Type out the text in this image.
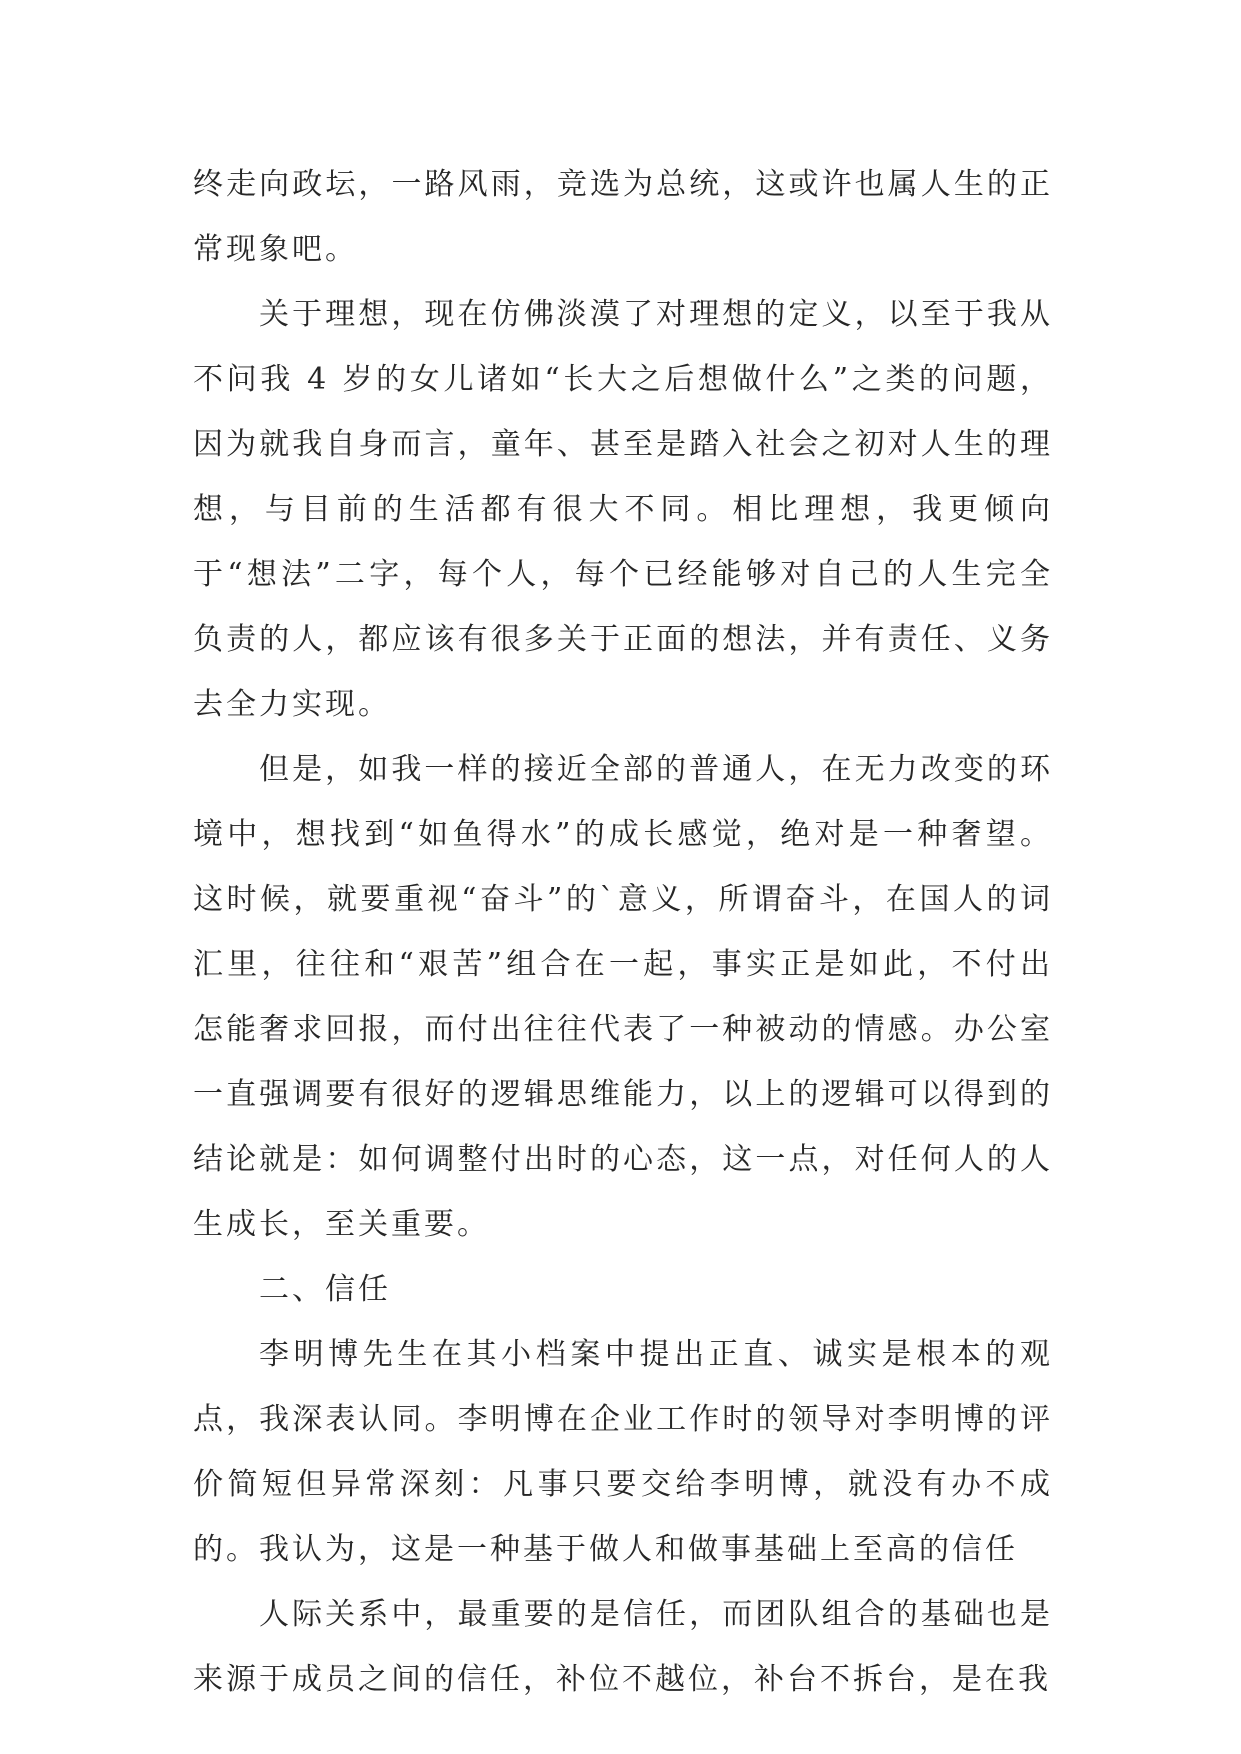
终走向政坛，一路风雨，竞选为总统，这或许也属人生的正常现象吧。

关于理想，现在仿佛淡漠了对理想的定义，以至于我从不问我 4 岁的女儿诸如“长大之后想做什么”之类的问题，因为就我自身而言，童年、甚至是踏入社会之初对人生的理想，与目前的生活都有很大不同。相比理想，我更倾向于“想法”二字，每个人，每个已经能够对自己的人生完全负责的人，都应该有很多关于正面的想法，并有责任、义务去全力实现。

但是，如我一样的接近全部的普通人，在无力改变的环境中，想找到“如鱼得水”的成长感觉，绝对是一种奢望。这时候，就要重视“奋斗”的`意义，所谓奋斗，在国人的词汇里，往往和“艰苦”组合在一起，事实正是如此，不付出怎能奢求回报，而付出往往代表了一种被动的情感。办公室一直强调要有很好的逻辑思维能力，以上的逻辑可以得到的结论就是：如何调整付出时的心态，这一点，对任何人的人生成长，至关重要。

二、信任

李明博先生在其小档案中提出正直、诚实是根本的观点，我深表认同。李明博在企业工作时的领导对李明博的评价简短但异常深刻：凡事只要交给李明博，就没有办不成的。我认为，这是一种基于做人和做事基础上至高的信任

人际关系中，最重要的是信任，而团队组合的基础也是来源于成员之间的信任，补位不越位，补台不拆台，是在我
